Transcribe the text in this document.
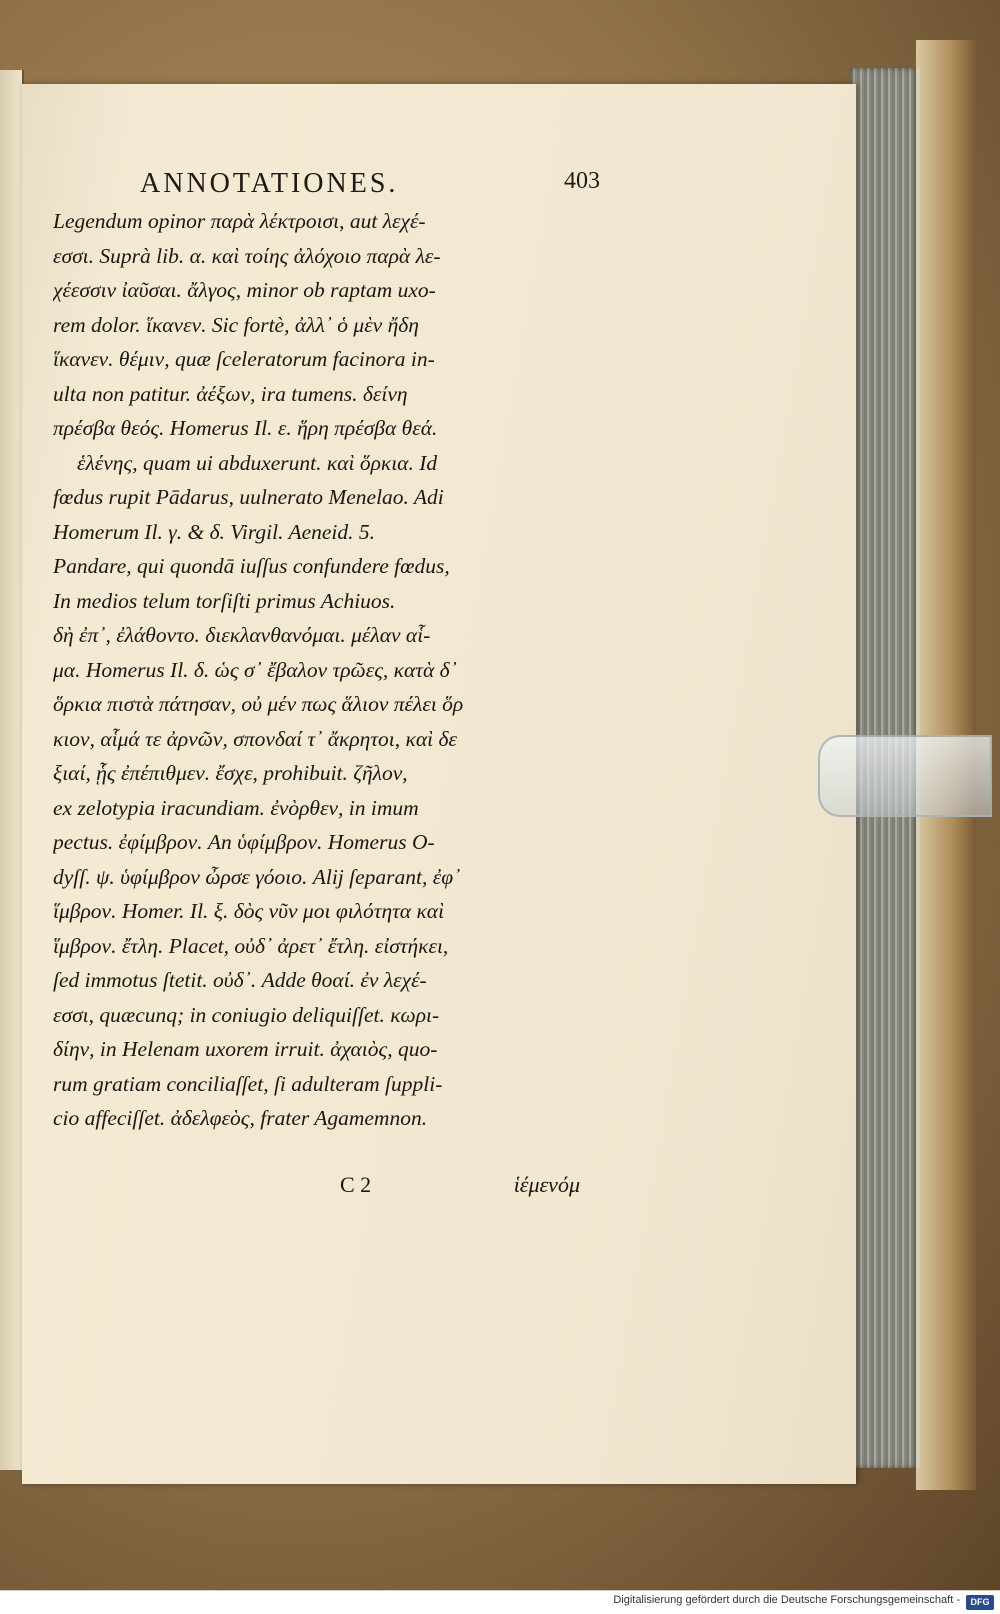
ANNOTATIONES.	403
Legendum opinor παρὰ λέκτροισι, aut λεχέ-
εσσι. Suprà lib. α. καὶ τοίης ἀλόχοιο παρὰ λε-
χέεσσιν ἰαῦσαι. ἄλγος, minor ob raptam uxo-
rem dolor. ἵκανεν. Sic fortè, ἀλλ᾽ ὁ μὲν ἤδη
ἵκανεν. θέμιν, quæ ſceleratorum facinora in-
ulta non patitur. ἀέξων, ira tumens. δείνη
πρέσβα θεός. Homerus Il. ε. ἥρη πρέσβα θεά.
ἑλένης, quam ui abduxerunt. καὶ ὅρκια. Id
fœdus rupit Pādarus, uulnerato Menelao. Adi
Homerum Il. γ. & δ. Virgil. Aeneid. 5.
Pandare, qui quondā iuſſus confundere fœdus,
In medios telum torſiſti primus Achiuos.
δὴ ἐπ᾽, ἐλάθοντο. διεκλανθανόμαι. μέλαν αἷ-
μα. Homerus Il. δ. ὡς σ᾽ ἔβαλον τρῶες, κατὰ δ᾽
ὅρκια πιστὰ πάτησαν, οὐ μέν πως ἅλιον πέλει ὅρ
κιον, αἷμά τε ἀρνῶν, σπονδαί τ᾽ ἄκρητοι, καὶ δε
ξιαί, ᾗς ἐπέπιθμεν. ἔσχε, prohibuit. ζῆλον,
ex zelotypia iracundiam. ἐνὸρθεν, in imum
pectus. ἐφίμβρον. An ὑφίμβρον. Homerus O-
dyſſ. ψ. ὑφίμβρον ὦρσε γόοιο. Alij ſeparant, ἐφ᾽
ἵμβρον. Homer. Il. ξ. δὸς νῦν μοι φιλότητα καὶ
ἵμβρον. ἔτλη. Placet, οὐδ᾽ ἀρετ᾽ ἔτλη. εἰστήκει,
ſed immotus ſtetit. οὐδ᾽. Adde θοαί. ἐν λεχέ-
εσσι, quæcunq; in coniugio deliquiſſet. κωρι-
δίην, in Helenam uxorem irruit. ἀχαιὸς, quo-
rum gratiam conciliaſſet, ſi adulteram ſuppli-
cio affeciſſet. ἀδελφεὸς, frater Agamemnon.

C 2	ἱέμενόμ
Digitalisierung gefördert durch die Deutsche Forschungsgemeinschaft -	DFG
